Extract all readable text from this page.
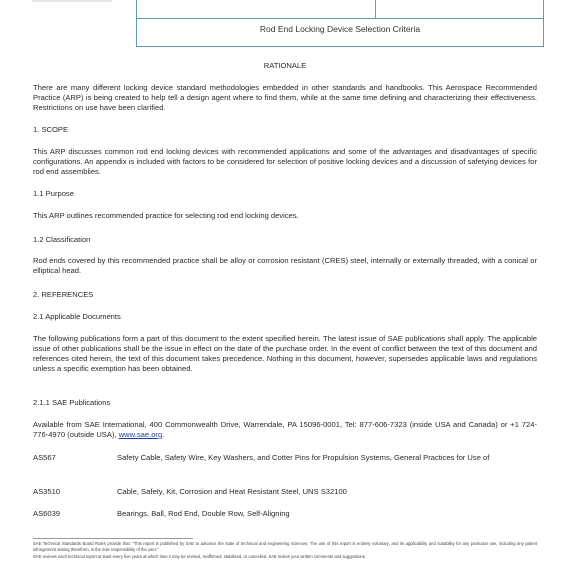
Rod End Locking Device Selection Criteria
RATIONALE

There are many different locking device standard methodologies embedded in other standards and handbooks. This Aerospace Recommended Practice (ARP) is being created to help tell a design agent where to find them, while at the same time defining and characterizing their effectiveness. Restrictions on use have been clarified.

1. SCOPE

This ARP discusses common rod end locking devices with recommended applications and some of the advantages and disadvantages of specific configurations. An appendix is included with factors to be considered for selection of positive locking devices and a discussion of safetying devices for rod end assemblies.

1.1 Purpose

This ARP outlines recommended practice for selecting rod end locking devices.

1.2 Classification

Rod ends covered by this recommended practice shall be alloy or corrosion resistant (CRES) steel, internally or externally threaded, with a conical or elliptical head.

2. REFERENCES
2.1 Applicable Documents

The following publications form a part of this document to the extent specified herein. The latest issue of SAE publications shall apply. The applicable issue of other publications shall be the issue in effect on the date of the purchase order. In the event of conflict between the text of this document and references cited herein, the text of this document takes precedence. Nothing in this document, however, supersedes applicable laws and regulations unless a specific exemption has been obtained.

2.1.1 SAE Publications

Available from SAE International, 400 Commonwealth Drive, Warrendale, PA 15096-0001, Tel: 877-606-7323 (inside USA and Canada) or +1 724-776-4970 (outside USA), www.sae.org.

AS567	Safety Cable, Safety Wire, Key Washers, and Cotter Pins for Propulsion Systems, General Practices for Use of
AS3510	Cable, Safety, Kit, Corrosion and Heat Resistant Steel, UNS S32100
AS6039	Bearings, Ball, Rod End, Double Row, Self-Aligning

SAE Technical Standards Board Rules provide that: "This report is published by SAE to advance the state of technical and engineering sciences. The use of this report is entirely voluntary, and its applicability and suitability for any particular use, including any patent infringement arising therefrom, is the sole responsibility of the user."

SAE reviews each technical report at least every five years at which time it may be revised, reaffirmed, stabilized, or cancelled. SAE invites your written comments and suggestions.
